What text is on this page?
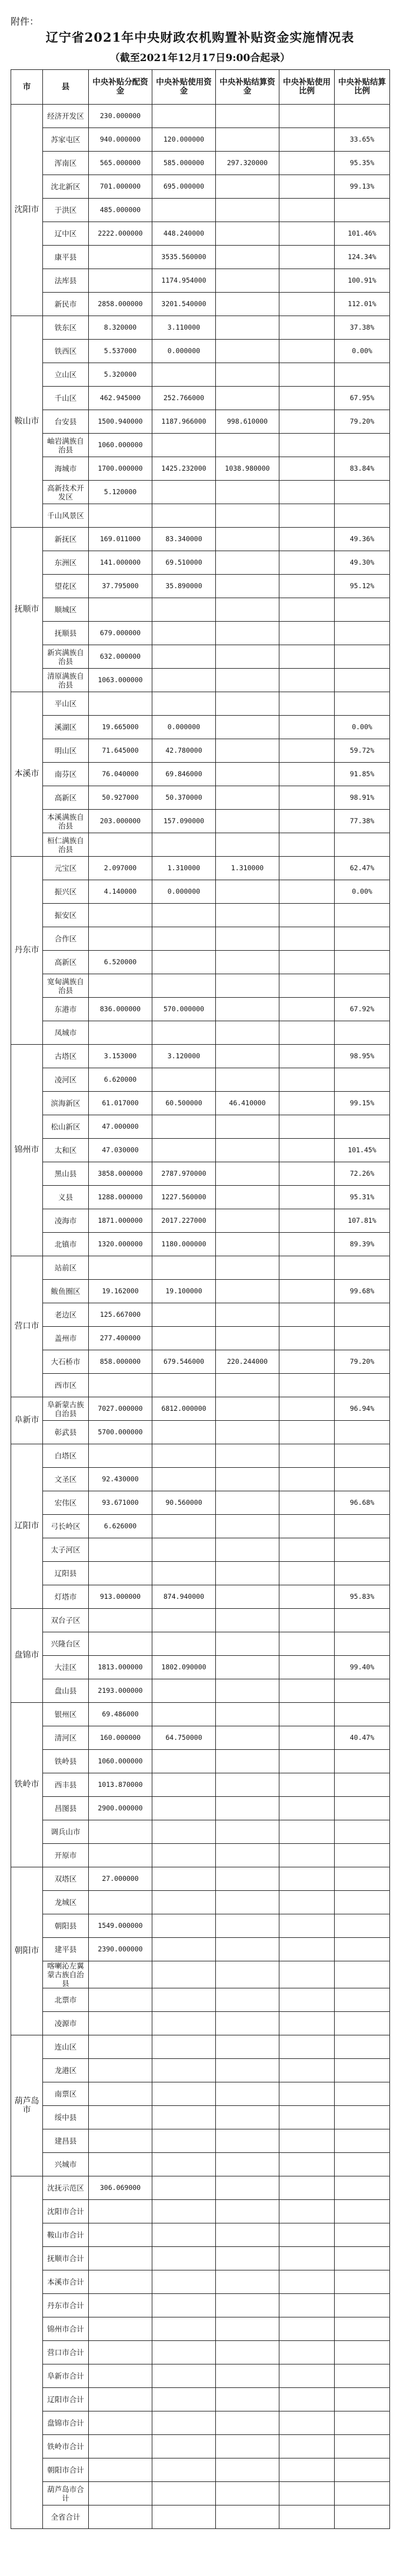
附件：
辽宁省2021年中央财政农机购置补贴资金实施情况表
（截至2021年12月17日9:00合起录）
市	县	中央补贴分配资金	中央补贴使用资金	中央补贴结算资金	中央补贴使用比例	中央补贴结算比例	
沈阳市	经济开发区	230.000000					
	苏家屯区	940.000000	120.000000			33.65%	
	浑南区	565.000000	585.000000	297.320000		95.35%	
	沈北新区	701.000000	695.000000			99.13%	
	于洪区	485.000000					
	辽中区	2222.000000	448.240000			101.46%	
	康平县		3535.560000			124.34%	
	法库县		1174.954000			100.91%	
	新民市	2858.000000	3201.540000			112.01%	
鞍山市	铁东区	8.320000	3.110000			37.38%	
	铁西区	5.537000	0.000000			0.00%	
	立山区	5.320000					
	千山区	462.945000	252.766000			67.95%	
	台安县	1500.940000	1187.966000	998.610000		79.20%	
	岫岩满族自治县	1060.000000					
	海城市	1700.000000	1425.232000	1038.980000		83.84%	
	高新技术开发区	5.120000					
	千山风景区						
抚顺市	新抚区	169.011000	83.340000			49.36%	
	东洲区	141.000000	69.510000			49.30%	
	望花区	37.795000	35.890000			95.12%	
	顺城区						
	抚顺县	679.000000					
	新宾满族自治县	632.000000					
	清原满族自治县	1063.000000					
本溪市	平山区						
	溪湖区	19.665000	0.000000			0.00%	
	明山区	71.645000	42.780000			59.72%	
	南芬区	76.040000	69.846000			91.85%	
	高新区	50.927000	50.370000			98.91%	
	本溪满族自治县	203.000000	157.090000			77.38%	
	桓仁满族自治县						
丹东市	元宝区	2.097000	1.310000	1.310000		62.47%	
	振兴区	4.140000	0.000000			0.00%	
	振安区						
	合作区						
	高新区	6.520000					
	宽甸满族自治县						
	东港市	836.000000	570.000000			67.92%	
	凤城市						
锦州市	古塔区	3.153000	3.120000			98.95%	
	凌河区	6.620000					
	滨海新区	61.017000	60.500000	46.410000		99.15%	
	松山新区	47.000000					
	太和区	47.030000				101.45%	
	黑山县	3858.000000	2787.970000			72.26%	
	义县	1288.000000	1227.560000			95.31%	
	凌海市	1871.000000	2017.227000			107.81%	
	北镇市	1320.000000	1180.000000			89.39%	
营口市	站前区						
	鲅鱼圈区	19.162000	19.100000			99.68%	
	老边区	125.667000					
	盖州市	277.400000					
	大石桥市	858.000000	679.546000	220.244000		79.20%	
	西市区						
阜新市	阜新蒙古族自治县	7027.000000	6812.000000			96.94%	
	彰武县	5700.000000					
辽阳市	白塔区						
	文圣区	92.430000					
	宏伟区	93.671000	90.560000			96.68%	
	弓长岭区	6.626000					
	太子河区						
	辽阳县						
	灯塔市	913.000000	874.940000			95.83%	
盘锦市	双台子区						
	兴隆台区						
	大洼区	1813.000000	1802.090000			99.40%	
	盘山县	2193.000000					
铁岭市	银州区	69.486000					
	清河区	160.000000	64.750000			40.47%	
	铁岭县	1060.000000					
	西丰县	1013.870000					
	昌图县	2900.000000					
	调兵山市						
	开原市						
朝阳市	双塔区	27.000000					
	龙城区						
	朝阳县	1549.000000					
	建平县	2390.000000					
	喀喇沁左翼蒙古族自治县						
	北票市						
	凌源市						
葫芦岛市	连山区						
	龙港区						
	南票区						
	绥中县						
	建昌县						
	兴城市						
	沈抚示范区	306.069000					
	沈阳市合计						
	鞍山市合计						
	抚顺市合计						
	本溪市合计						
	丹东市合计						
	锦州市合计						
	营口市合计						
	阜新市合计						
	辽阳市合计						
	盘锦市合计						
	铁岭市合计						
	朝阳市合计						
	葫芦岛市合计						
	全省合计						
